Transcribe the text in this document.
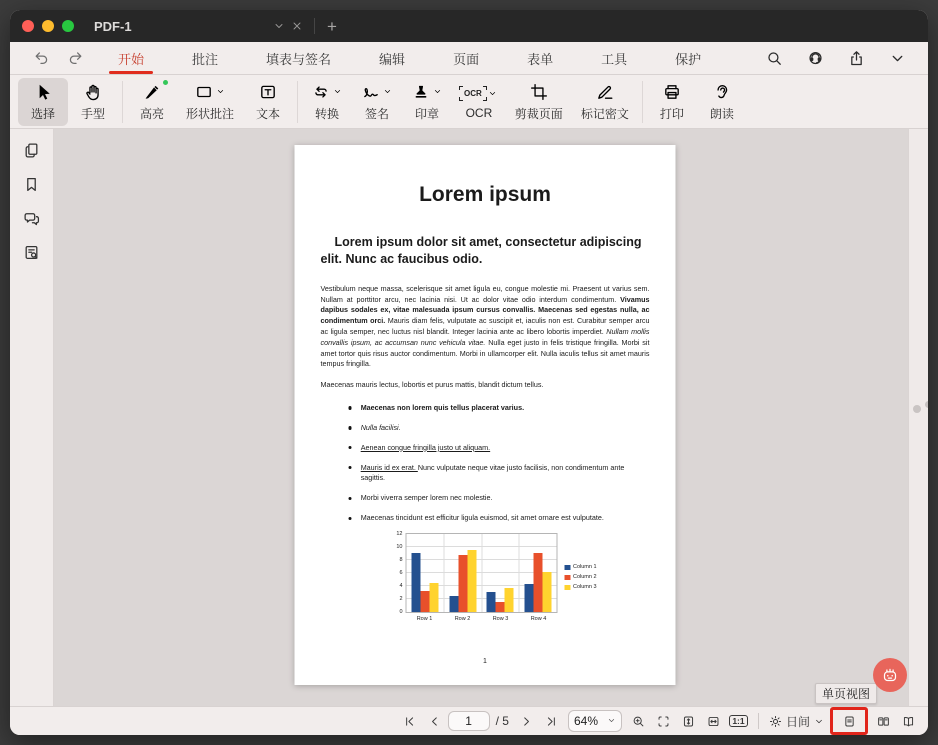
PDF-1	+
开始	批注	填表与签名	编辑	页面	表单	工具	保护
选择 手型	高亮 形状批注 文本	转换 签名 印章
OCR
OCR 剪裁页面 标记密文	打印 朗读
Lorem ipsum
Lorem ipsum dolor sit amet, consectetur adipiscing elit. Nunc ac faucibus odio.
Vestibulum neque massa, scelerisque sit amet ligula eu, congue molestie mi. Praesent ut varius sem. Nullam at porttitor arcu, nec lacinia nisi. Ut ac dolor vitae odio interdum condimentum. Vivamus dapibus sodales ex, vitae malesuada ipsum cursus convallis. Maecenas sed egestas nulla, ac condimentum orci. Mauris diam felis, vulputate ac suscipit et, iaculis non est. Curabitur semper arcu ac ligula semper, nec luctus nisl blandit. Integer lacinia ante ac libero lobortis imperdiet. Nullam mollis convallis ipsum, ac accumsan nunc vehicula vitae. Nulla eget justo in felis tristique fringilla. Morbi sit amet tortor quis risus auctor condimentum. Morbi in ullamcorper elit. Nulla iaculis tellus sit amet mauris tempus fringilla.
Maecenas mauris lectus, lobortis et purus mattis, blandit dictum tellus.
Maecenas non lorem quis tellus placerat varius.
Nulla facilisi.
Aenean congue fringilla justo ut aliquam.
Mauris id ex erat. Nunc vulputate neque vitae justo facilisis, non condimentum ante sagittis.
Morbi viverra semper lorem nec molestie.
Maecenas tincidunt est efficitur ligula euismod, sit amet ornare est vulputate.
0
2
4
6
8
10
12
Row 1	Row 2	Row 3	Row 4
Column 1
Column 2
Column 3
1
1
/ 5	64%	1:1	日间
单页视图
